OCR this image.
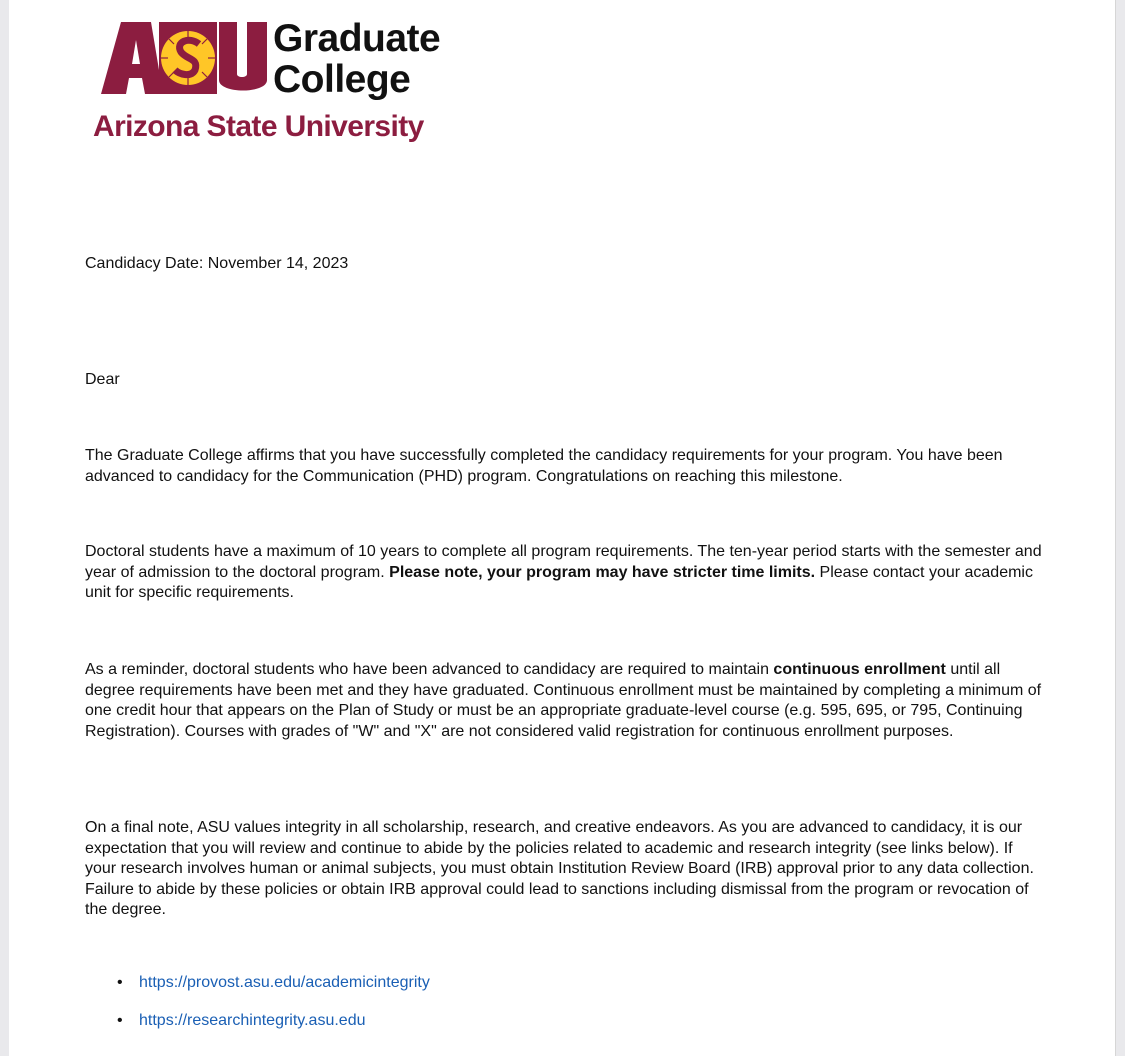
Graduate
College
Arizona State University
Candidacy Date: November 14, 2023
Dear
The Graduate College affirms that you have successfully completed the candidacy requirements for your program. You have been advanced to candidacy for the Communication (PHD) program. Congratulations on reaching this milestone.
Doctoral students have a maximum of 10 years to complete all program requirements. The ten-year period starts with the semester and year of admission to the doctoral program. Please note, your program may have stricter time limits. Please contact your academic unit for specific requirements.
As a reminder, doctoral students who have been advanced to candidacy are required to maintain continuous enrollment until all degree requirements have been met and they have graduated. Continuous enrollment must be maintained by completing a minimum of one credit hour that appears on the Plan of Study or must be an appropriate graduate-level course (e.g. 595, 695, or 795, Continuing Registration). Courses with grades of "W" and "X" are not considered valid registration for continuous enrollment purposes.
On a final note, ASU values integrity in all scholarship, research, and creative endeavors. As you are advanced to candidacy, it is our expectation that you will review and continue to abide by the policies related to academic and research integrity (see links below). If your research involves human or animal subjects, you must obtain Institution Review Board (IRB) approval prior to any data collection. Failure to abide by these policies or obtain IRB approval could lead to sanctions including dismissal from the program or revocation of the degree.
• https://provost.asu.edu/academicintegrity
• https://researchintegrity.asu.edu
